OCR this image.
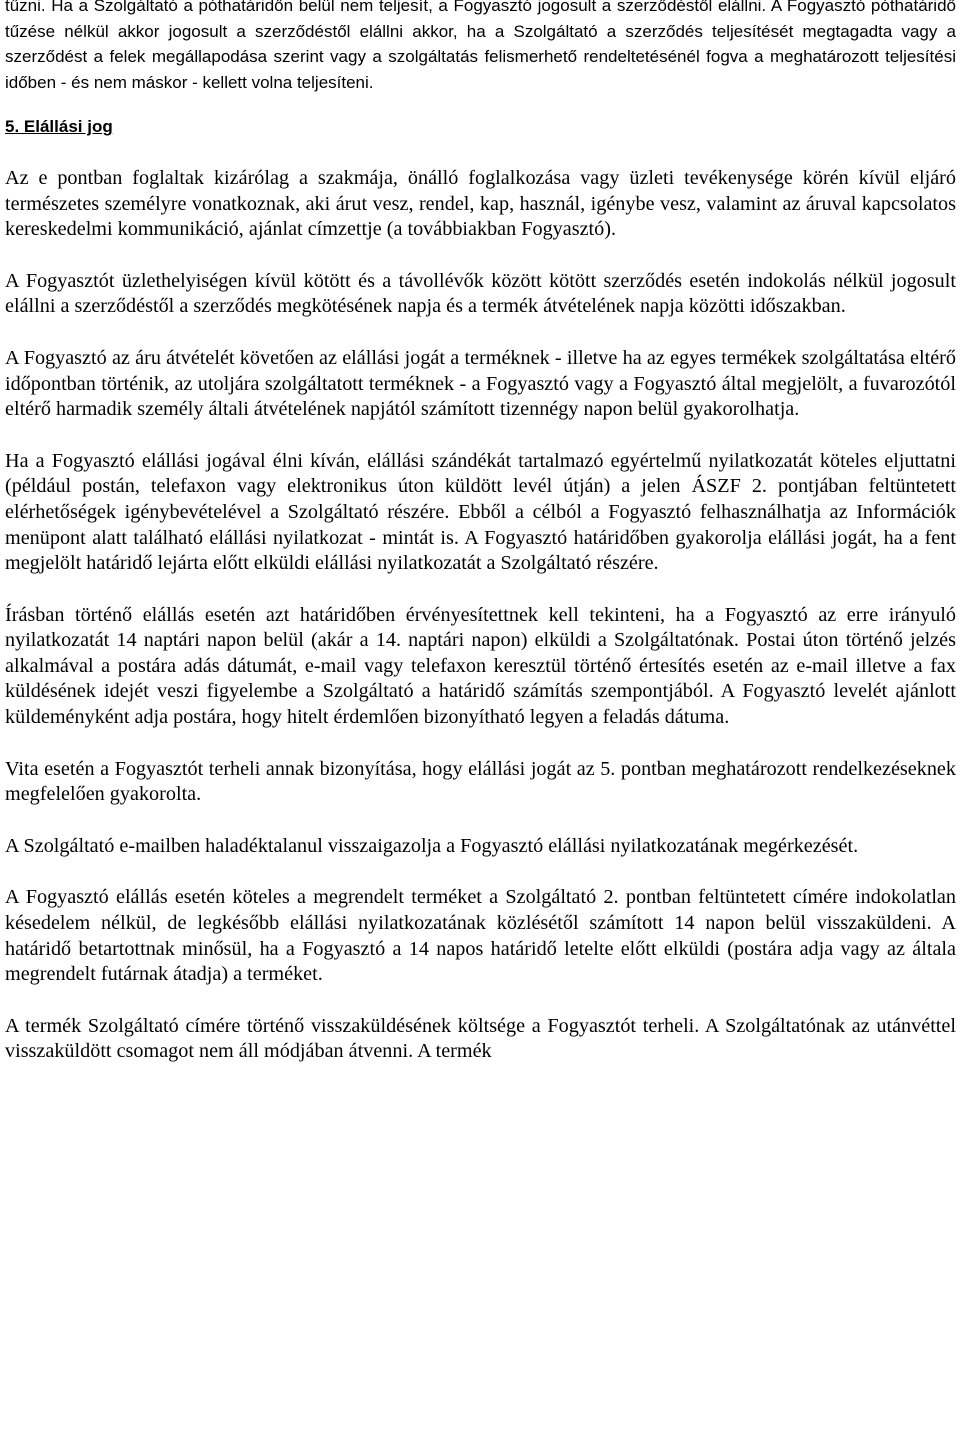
tűzni. Ha a Szolgáltató a póthatáridőn belül nem teljesít, a Fogyasztó jogosult a szerződéstől elállni. A Fogyasztó póthatáridő tűzése nélkül akkor jogosult a szerződéstől elállni akkor, ha a Szolgáltató a szerződés teljesítését megtagadta vagy a szerződést a felek megállapodása szerint vagy a szolgáltatás felismerhető rendeltetésénél fogva a meghatározott teljesítési időben - és nem máskor - kellett volna teljesíteni.

5. Elállási jog

Az e pontban foglaltak kizárólag a szakmája, önálló foglalkozása vagy üzleti tevékenysége körén kívül eljáró természetes személyre vonatkoznak, aki árut vesz, rendel, kap, használ, igénybe vesz, valamint az áruval kapcsolatos kereskedelmi kommunikáció, ajánlat címzettje (a továbbiakban Fogyasztó).

A Fogyasztót üzlethelyiségen kívül kötött és a távollévők között kötött szerződés esetén indokolás nélkül jogosult elállni a szerződéstől a szerződés megkötésének napja és a termék átvételének napja közötti időszakban.

A Fogyasztó az áru átvételét követően az elállási jogát a terméknek - illetve ha az egyes termékek szolgáltatása eltérő időpontban történik, az utoljára szolgáltatott terméknek - a Fogyasztó vagy a Fogyasztó által megjelölt, a fuvarozótól eltérő harmadik személy általi átvételének napjától számított tizennégy napon belül gyakorolhatja.

Ha a Fogyasztó elállási jogával élni kíván, elállási szándékát tartalmazó egyértelmű nyilatkozatát köteles eljuttatni (például postán, telefaxon vagy elektronikus úton küldött levél útján) a jelen ÁSZF 2. pontjában feltüntetett elérhetőségek igénybevételével a Szolgáltató részére. Ebből a célból a Fogyasztó felhasználhatja az Információk menüpont alatt található elállási nyilatkozat - mintát is. A Fogyasztó határidőben gyakorolja elállási jogát, ha a fent megjelölt határidő lejárta előtt elküldi elállási nyilatkozatát a Szolgáltató részére.

Írásban történő elállás esetén azt határidőben érvényesítettnek kell tekinteni, ha a Fogyasztó az erre irányuló nyilatkozatát 14 naptári napon belül (akár a 14. naptári napon) elküldi a Szolgáltatónak. Postai úton történő jelzés alkalmával a postára adás dátumát, e-mail vagy telefaxon keresztül történő értesítés esetén az e-mail illetve a fax küldésének idejét veszi figyelembe a Szolgáltató a határidő számítás szempontjából. A Fogyasztó levelét ajánlott küldeményként adja postára, hogy hitelt érdemlően bizonyítható legyen a feladás dátuma.

Vita esetén a Fogyasztót terheli annak bizonyítása, hogy elállási jogát az 5. pontban meghatározott rendelkezéseknek megfelelően gyakorolta.

A Szolgáltató e-mailben haladéktalanul visszaigazolja a Fogyasztó elállási nyilatkozatának megérkezését.

A Fogyasztó elállás esetén köteles a megrendelt terméket a Szolgáltató 2. pontban feltüntetett címére indokolatlan késedelem nélkül, de legkésőbb elállási nyilatkozatának közlésétől számított 14 napon belül visszaküldeni. A határidő betartottnak minősül, ha a Fogyasztó a 14 napos határidő letelte előtt elküldi (postára adja vagy az általa megrendelt futárnak átadja) a terméket.

A termék Szolgáltató címére történő visszaküldésének költsége a Fogyasztót terheli. A Szolgáltatónak az utánvéttel visszaküldött csomagot nem áll módjában átvenni. A termék
